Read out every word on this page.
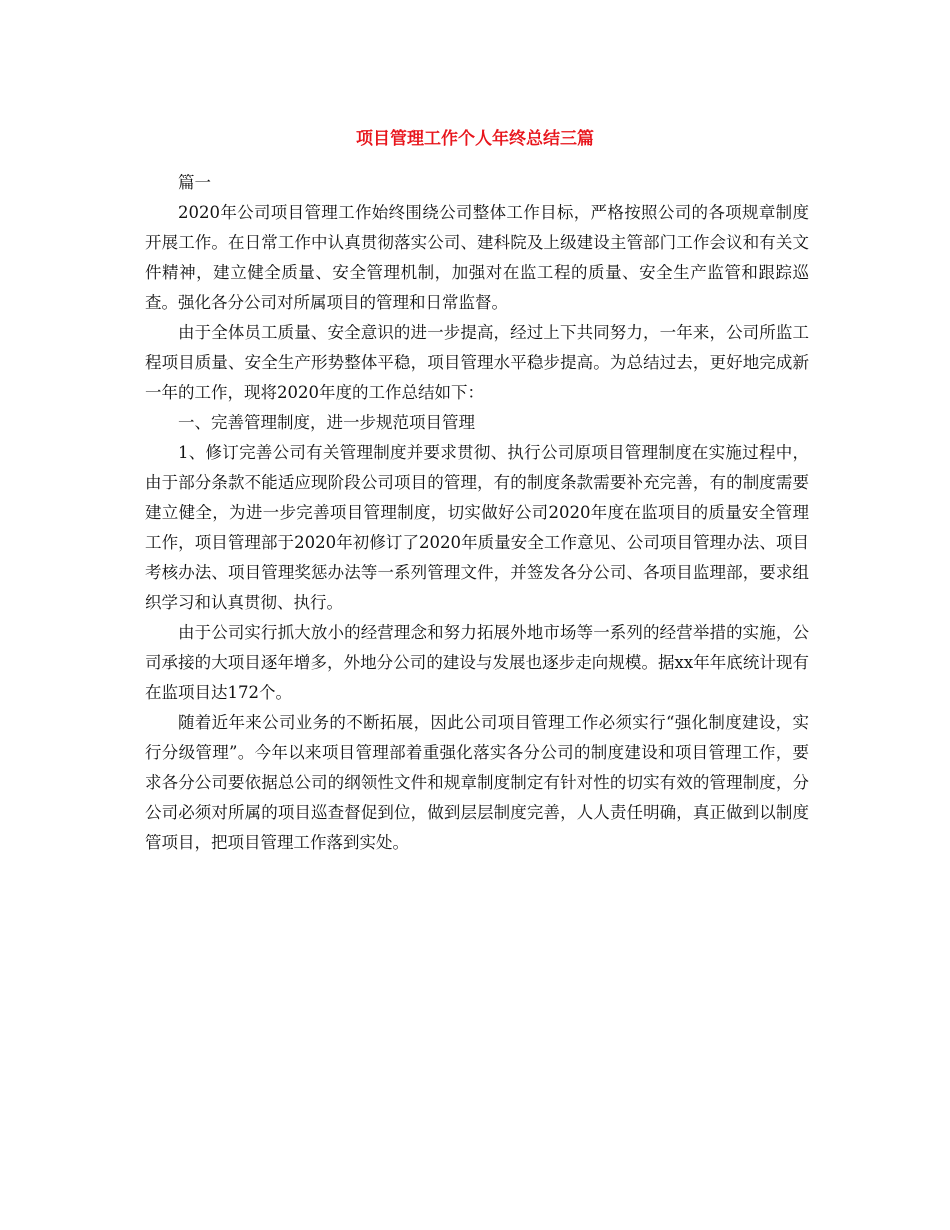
项目管理工作个人年终总结三篇

篇一

2020年公司项目管理工作始终围绕公司整体工作目标，严格按照公司的各项规章制度开展工作。在日常工作中认真贯彻落实公司、建科院及上级建设主管部门工作会议和有关文件精神，建立健全质量、安全管理机制，加强对在监工程的质量、安全生产监管和跟踪巡查。强化各分公司对所属项目的管理和日常监督。

由于全体员工质量、安全意识的进一步提高，经过上下共同努力，一年来，公司所监工程项目质量、安全生产形势整体平稳，项目管理水平稳步提高。为总结过去，更好地完成新一年的工作，现将2020年度的工作总结如下：

一、完善管理制度，进一步规范项目管理

1、修订完善公司有关管理制度并要求贯彻、执行公司原项目管理制度在实施过程中，由于部分条款不能适应现阶段公司项目的管理，有的制度条款需要补充完善，有的制度需要建立健全，为进一步完善项目管理制度，切实做好公司2020年度在监项目的质量安全管理工作，项目管理部于2020年初修订了2020年质量安全工作意见、公司项目管理办法、项目考核办法、项目管理奖惩办法等一系列管理文件，并签发各分公司、各项目监理部，要求组织学习和认真贯彻、执行。

由于公司实行抓大放小的经营理念和努力拓展外地市场等一系列的经营举措的实施，公司承接的大项目逐年增多，外地分公司的建设与发展也逐步走向规模。据xx年年底统计现有在监项目达172个。

随着近年来公司业务的不断拓展，因此公司项目管理工作必须实行“强化制度建设，实行分级管理”。今年以来项目管理部着重强化落实各分公司的制度建设和项目管理工作，要求各分公司要依据总公司的纲领性文件和规章制度制定有针对性的切实有效的管理制度，分公司必须对所属的项目巡查督促到位，做到层层制度完善，人人责任明确，真正做到以制度管项目，把项目管理工作落到实处。
